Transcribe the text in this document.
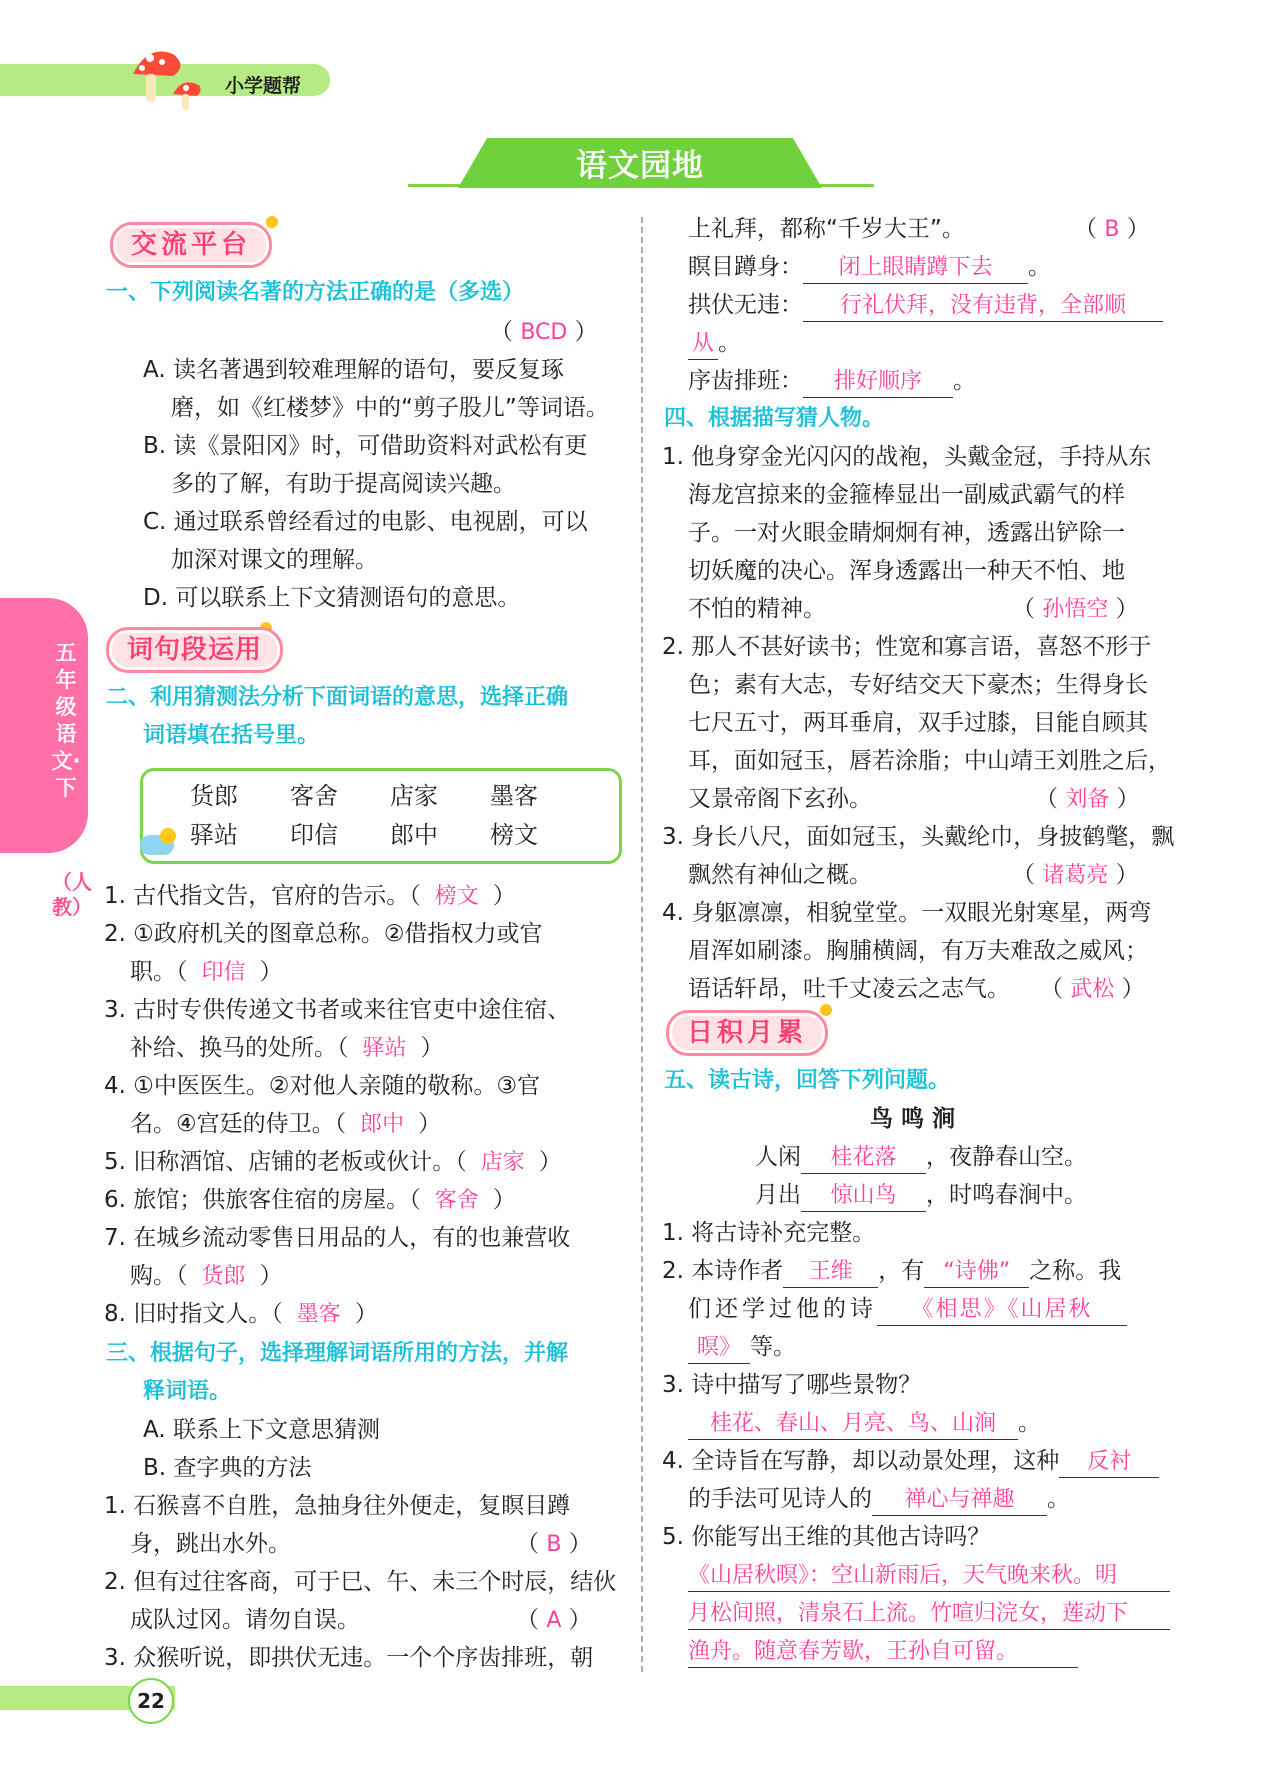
小学题帮
语文园地
五年级语文·下
（人教）
交流平台
一、下列阅读名著的方法正确的是（多选）
（ BCD ）
A. 读名著遇到较难理解的语句，要反复琢
磨，如《红楼梦》中的“剪子股儿”等词语。
B. 读《景阳冈》时，可借助资料对武松有更
多的了解，有助于提高阅读兴趣。
C. 通过联系曾经看过的电影、电视剧，可以
加深对课文的理解。
D. 可以联系上下文猜测语句的意思。
词句段运用
二、利用猜测法分析下面词语的意思，选择正确
词语填在括号里。
货郎 客舍 店家 墨客
驿站 印信 郎中 榜文
1. 古代指文告，官府的告示。（ 榜文 ）
2. ①政府机关的图章总称。②借指权力或官
职。（ 印信 ）
3. 古时专供传递文书者或来往官吏中途住宿、
补给、换马的处所。（ 驿站 ）
4. ①中医医生。②对他人亲随的敬称。③官
名。④宫廷的侍卫。（ 郎中 ）
5. 旧称酒馆、店铺的老板或伙计。（ 店家 ）
6. 旅馆；供旅客住宿的房屋。（ 客舍 ）
7. 在城乡流动零售日用品的人，有的也兼营收
购。（ 货郎 ）
8. 旧时指文人。（ 墨客 ）
三、根据句子，选择理解词语所用的方法，并解
释词语。
A. 联系上下文意思猜测
B. 查字典的方法
1. 石猴喜不自胜，急抽身往外便走，复瞑目蹲
身，跳出水外。	（ B ）
2. 但有过往客商，可于巳、午、未三个时辰，结伙
成队过冈。请勿自误。	（ A ）
3. 众猴听说，即拱伏无违。一个个序齿排班，朝
上礼拜，都称“千岁大王”。	（ B ）
瞑目蹲身： 闭上眼睛蹲下去 。
拱伏无违： 行礼伏拜，没有违背，全部顺
从 。
序齿排班： 排好顺序 。
四、根据描写猜人物。
1. 他身穿金光闪闪的战袍，头戴金冠，手持从东
海龙宫掠来的金箍棒显出一副威武霸气的样
子。一对火眼金睛炯炯有神，透露出铲除一
切妖魔的决心。浑身透露出一种天不怕、地
不怕的精神。	（ 孙悟空 ）
2. 那人不甚好读书；性宽和寡言语，喜怒不形于
色；素有大志，专好结交天下豪杰；生得身长
七尺五寸，两耳垂肩，双手过膝，目能自顾其
耳，面如冠玉，唇若涂脂；中山靖王刘胜之后，
又景帝阁下玄孙。	（ 刘备 ）
3. 身长八尺，面如冠玉，头戴纶巾，身披鹤氅，飘
飘然有神仙之概。	（ 诸葛亮 ）
4. 身躯凛凛，相貌堂堂。一双眼光射寒星，两弯
眉浑如刷漆。胸脯横阔，有万夫难敌之威风；
语话轩昂，吐千丈凌云之志气。 （ 武松 ）
日积月累
五、读古诗，回答下列问题。
鸟 鸣 涧
人闲 桂花落 ，夜静春山空。
月出 惊山鸟 ，时鸣春涧中。
1. 将古诗补充完整。
2. 本诗作者 王维 ，有 “诗佛” 之称。我
们还学过他的诗 《相思》《山居秋
暝》 等。
3. 诗中描写了哪些景物？
桂花、春山、月亮、鸟、山涧 。
4. 全诗旨在写静，却以动景处理，这种 反衬
的手法可见诗人的 禅心与禅趣 。
5. 你能写出王维的其他古诗吗？
《山居秋暝》：空山新雨后，天气晚来秋。明
月松间照，清泉石上流。竹喧归浣女，莲动下
渔舟。随意春芳歇，王孙自可留。
22
